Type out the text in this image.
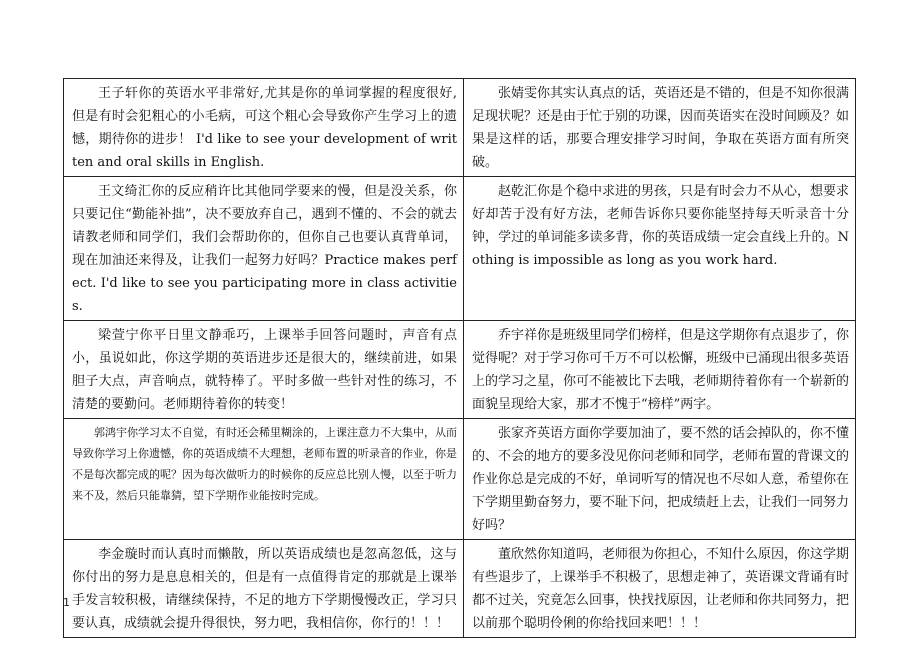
王子轩你的英语水平非常好,尤其是你的单词掌握的程度很好,但是有时会犯粗心的小毛病，可这个粗心会导致你产生学习上的遗憾，期待你的进步！ I'd like to see your development of written and oral skills in English.	张婧雯你其实认真点的话，英语还是不错的，但是不知你很满足现状呢？还是由于忙于别的功课，因而英语实在没时间顾及？如果是这样的话，那要合理安排学习时间，争取在英语方面有所突破。

王文绮汇你的反应稍许比其他同学要来的慢，但是没关系，你只要记住“勤能补拙”，决不要放弃自己，遇到不懂的、不会的就去请教老师和同学们，我们会帮助你的，但你自己也要认真背单词，现在加油还来得及，让我们一起努力好吗？Practice makes perfect. I'd like to see you participating more in class activities.	赵乾汇你是个稳中求进的男孩，只是有时会力不从心，想要求好却苦于没有好方法，老师告诉你只要你能坚持每天听录音十分钟，学过的单词能多读多背，你的英语成绩一定会直线上升的。Nothing is impossible as long as you work hard.

梁萱宁你平日里文静乖巧，上课举手回答问题时，声音有点小，虽说如此，你这学期的英语进步还是很大的，继续前进，如果胆子大点，声音响点，就特棒了。平时多做一些针对性的练习，不清楚的要勤问。老师期待着你的转变！	乔宇祥你是班级里同学们榜样，但是这学期你有点退步了，你觉得呢？对于学习你可千万不可以松懈，班级中已涌现出很多英语上的学习之星，你可不能被比下去哦，老师期待着你有一个崭新的面貌呈现给大家，那才不愧于“榜样”两字。

郭鸿宇你学习太不自觉，有时还会稀里糊涂的，上课注意力不大集中，从而导致你学习上你遗憾，你的英语成绩不大理想，老师布置的听录音的作业，你是不是每次都完成的呢？因为每次做听力的时候你的反应总比别人慢，以至于听力来不及，然后只能靠猜，望下学期作业能按时完成。	张家齐英语方面你学要加油了，要不然的话会掉队的，你不懂的、不会的地方的要多没见你问老师和同学，老师布置的背课文的作业你总是完成的不好，单词听写的情况也不尽如人意，希望你在下学期里勤奋努力，要不耻下问，把成绩赶上去，让我们一同努力好吗？

李金璇时而认真时而懒散，所以英语成绩也是忽高忽低，这与你付出的努力是息息相关的，但是有一点值得肯定的那就是上课举手发言较积极，请继续保持，不足的地方下学期慢慢改正，学习只要认真，成绩就会提升得很快，努力吧，我相信你，你行的！！！	董欣然你知道吗，老师很为你担心，不知什么原因，你这学期有些退步了，上课举手不积极了，思想走神了，英语课文背诵有时都不过关，究竟怎么回事，快找找原因，让老师和你共同努力，把以前那个聪明伶俐的你给找回来吧！！！

1
